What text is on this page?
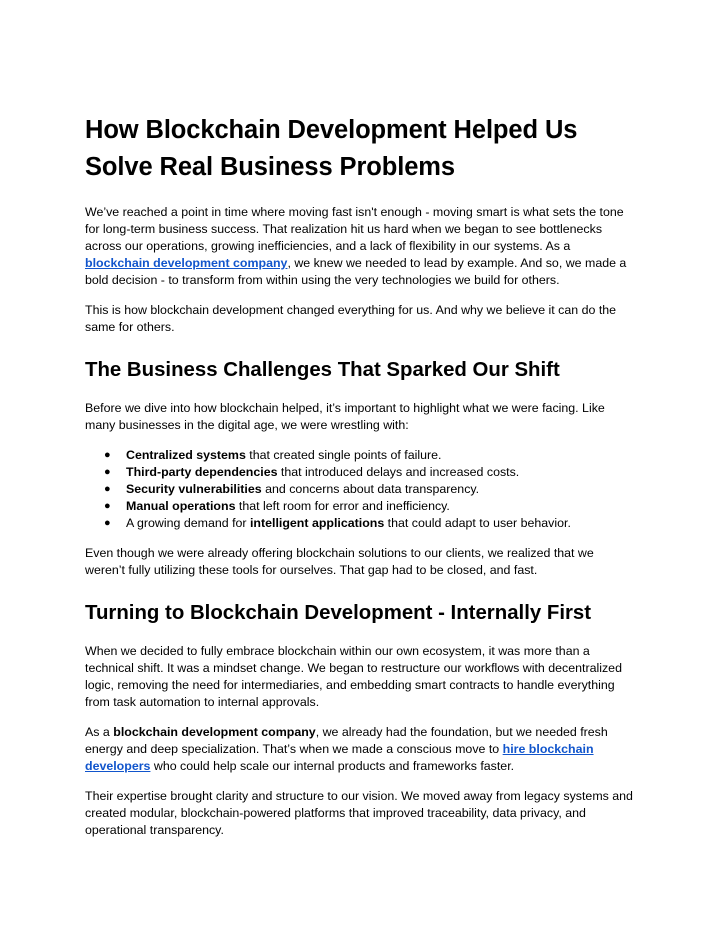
How Blockchain Development Helped Us Solve Real Business Problems

We’ve reached a point in time where moving fast isn't enough - moving smart is what sets the tone for long-term business success. That realization hit us hard when we began to see bottlenecks across our operations, growing inefficiencies, and a lack of flexibility in our systems. As a blockchain development company, we knew we needed to lead by example. And so, we made a bold decision - to transform from within using the very technologies we build for others.

This is how blockchain development changed everything for us. And why we believe it can do the same for others.

The Business Challenges That Sparked Our Shift

Before we dive into how blockchain helped, it’s important to highlight what we were facing. Like many businesses in the digital age, we were wrestling with:

● Centralized systems that created single points of failure.
● Third-party dependencies that introduced delays and increased costs.
● Security vulnerabilities and concerns about data transparency.
● Manual operations that left room for error and inefficiency.
● A growing demand for intelligent applications that could adapt to user behavior.

Even though we were already offering blockchain solutions to our clients, we realized that we weren’t fully utilizing these tools for ourselves. That gap had to be closed, and fast.

Turning to Blockchain Development - Internally First

When we decided to fully embrace blockchain within our own ecosystem, it was more than a technical shift. It was a mindset change. We began to restructure our workflows with decentralized logic, removing the need for intermediaries, and embedding smart contracts to handle everything from task automation to internal approvals.

As a blockchain development company, we already had the foundation, but we needed fresh energy and deep specialization. That’s when we made a conscious move to hire blockchain developers who could help scale our internal products and frameworks faster.

Their expertise brought clarity and structure to our vision. We moved away from legacy systems and created modular, blockchain-powered platforms that improved traceability, data privacy, and operational transparency.
